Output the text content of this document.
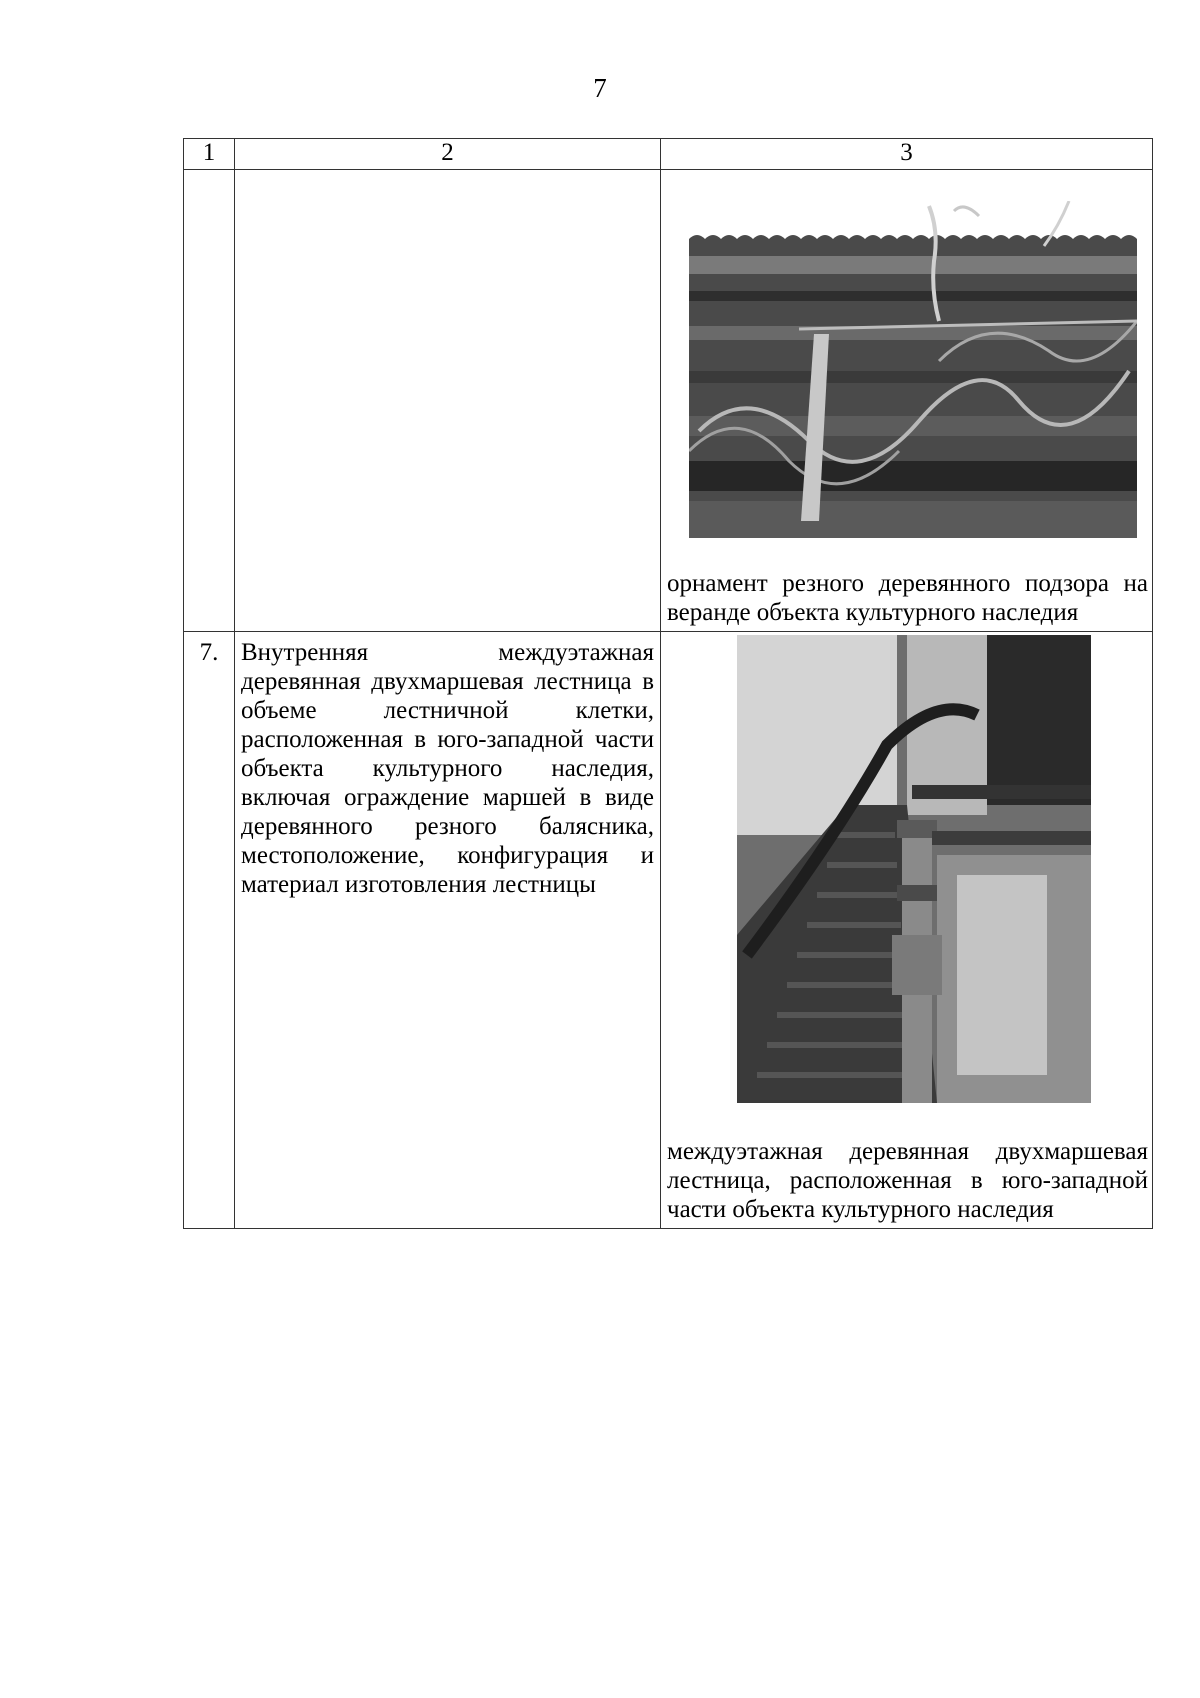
7
1	2	3

		орнамент резного деревянного подзора на веранде объекта культурного наследия

7.	Внутренняя междуэтажная деревянная двухмаршевая лестница в объеме лестничной клетки, расположенная в юго-западной части объекта культурного наследия, включая ограждение маршей в виде деревянного резного балясника, местоположение, конфигурация и материал изготовления лестницы	междуэтажная деревянная двухмаршевая лестница, расположенная в юго-западной части объекта культурного наследия
